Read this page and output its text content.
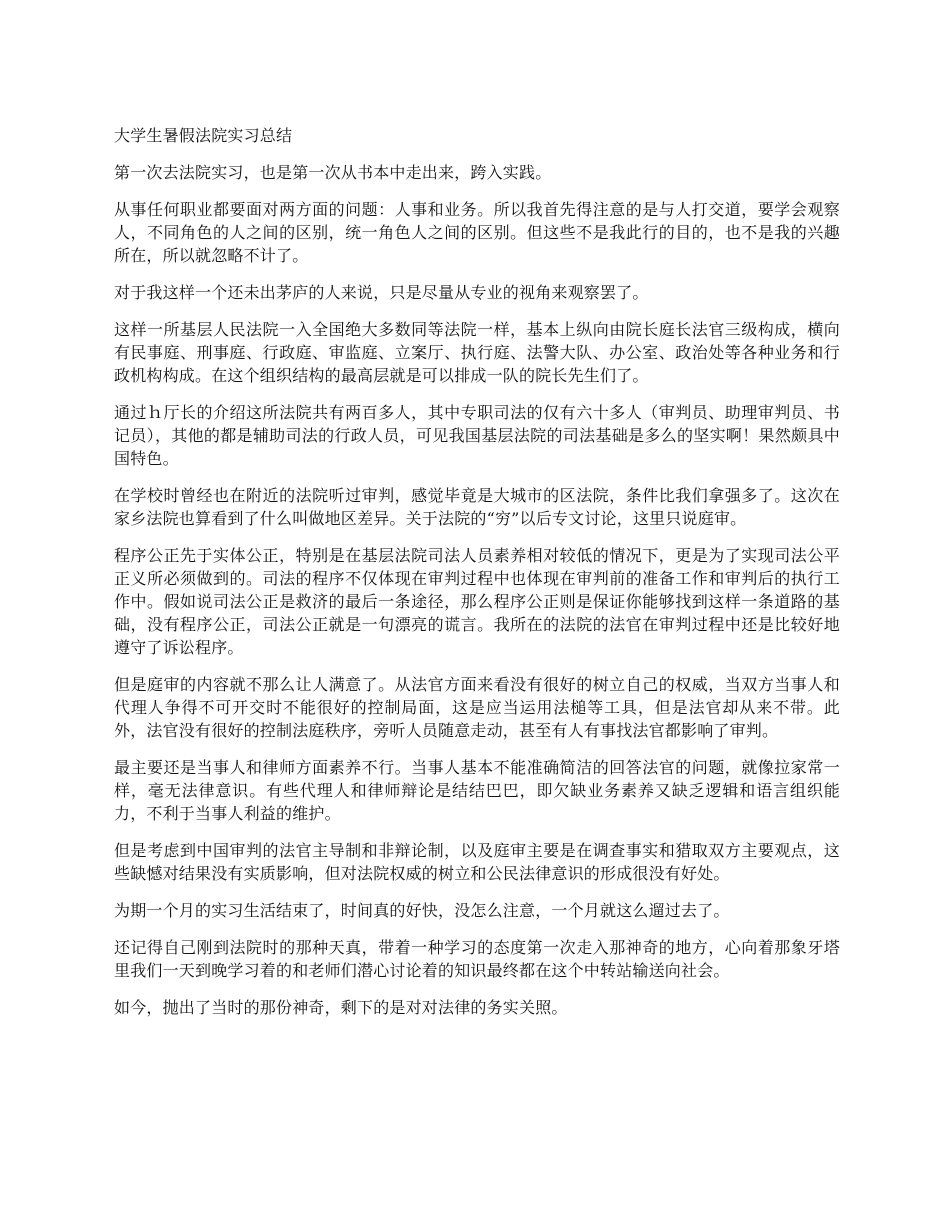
大学生暑假法院实习总结

第一次去法院实习，也是第一次从书本中走出来，跨入实践。

从事任何职业都要面对两方面的问题：人事和业务。所以我首先得注意的是与人打交道，要学会观察人，不同角色的人之间的区别，统一角色人之间的区别。但这些不是我此行的目的，也不是我的兴趣所在，所以就忽略不计了。

对于我这样一个还未出茅庐的人来说，只是尽量从专业的视角来观察罢了。

这样一所基层人民法院一入全国绝大多数同等法院一样，基本上纵向由院长庭长法官三级构成，横向有民事庭、刑事庭、行政庭、审监庭、立案厅、执行庭、法警大队、办公室、政治处等各种业务和行政机构构成。在这个组织结构的最高层就是可以排成一队的院长先生们了。

通过ｈ厅长的介绍这所法院共有两百多人，其中专职司法的仅有六十多人（审判员、助理审判员、书记员），其他的都是辅助司法的行政人员，可见我国基层法院的司法基础是多么的坚实啊！果然颇具中国特色。

在学校时曾经也在附近的法院听过审判，感觉毕竟是大城市的区法院，条件比我们拿强多了。这次在家乡法院也算看到了什么叫做地区差异。关于法院的“穷”以后专文讨论，这里只说庭审。

程序公正先于实体公正，特别是在基层法院司法人员素养相对较低的情况下，更是为了实现司法公平正义所必须做到的。司法的程序不仅体现在审判过程中也体现在审判前的准备工作和审判后的执行工作中。假如说司法公正是救济的最后一条途径，那么程序公正则是保证你能够找到这样一条道路的基础，没有程序公正，司法公正就是一句漂亮的谎言。我所在的法院的法官在审判过程中还是比较好地遵守了诉讼程序。

但是庭审的内容就不那么让人满意了。从法官方面来看没有很好的树立自己的权威，当双方当事人和代理人争得不可开交时不能很好的控制局面，这是应当运用法槌等工具，但是法官却从来不带。此外，法官没有很好的控制法庭秩序，旁听人员随意走动，甚至有人有事找法官都影响了审判。

最主要还是当事人和律师方面素养不行。当事人基本不能准确简洁的回答法官的问题，就像拉家常一样，毫无法律意识。有些代理人和律师辩论是结结巴巴，即欠缺业务素养又缺乏逻辑和语言组织能力，不利于当事人利益的维护。

但是考虑到中国审判的法官主导制和非辩论制，以及庭审主要是在调查事实和猎取双方主要观点，这些缺憾对结果没有实质影响，但对法院权威的树立和公民法律意识的形成很没有好处。

为期一个月的实习生活结束了，时间真的好快，没怎么注意，一个月就这么遛过去了。

还记得自己刚到法院时的那种天真，带着一种学习的态度第一次走入那神奇的地方，心向着那象牙塔里我们一天到晚学习着的和老师们潜心讨论着的知识最终都在这个中转站输送向社会。

如今，抛出了当时的那份神奇，剩下的是对对法律的务实关照。
